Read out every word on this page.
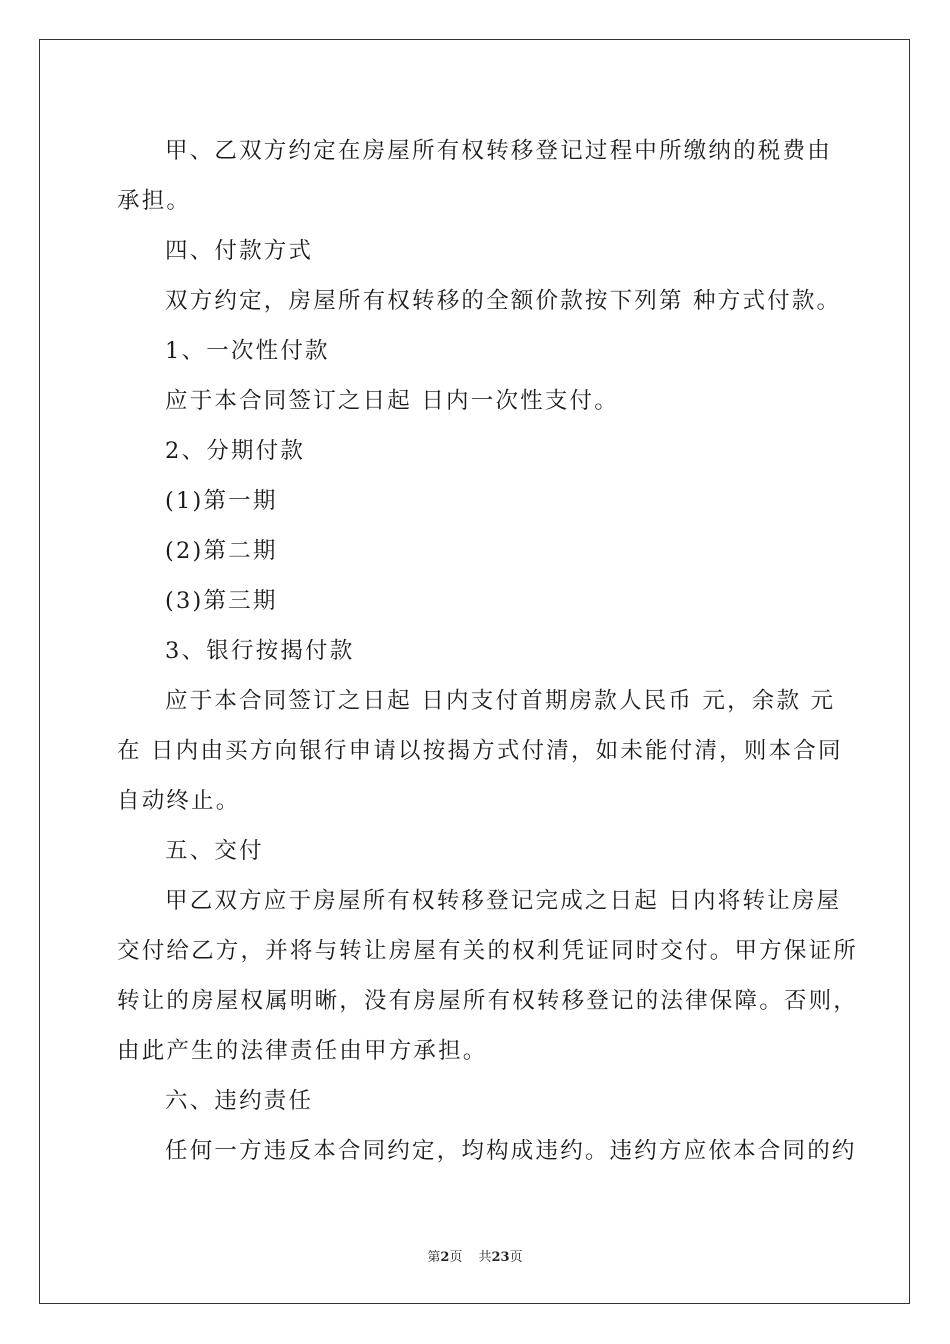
甲、乙双方约定在房屋所有权转移登记过程中所缴纳的税费由
承担。
四、付款方式
双方约定，房屋所有权转移的全额价款按下列第 种方式付款。
1、一次性付款
应于本合同签订之日起 日内一次性支付。
2、分期付款
(1)第一期
(2)第二期
(3)第三期
3、银行按揭付款
应于本合同签订之日起 日内支付首期房款人民币 元，余款 元
在 日内由买方向银行申请以按揭方式付清，如未能付清，则本合同
自动终止。
五、交付
甲乙双方应于房屋所有权转移登记完成之日起 日内将转让房屋
交付给乙方，并将与转让房屋有关的权利凭证同时交付。甲方保证所
转让的房屋权属明晰，没有房屋所有权转移登记的法律保障。否则，
由此产生的法律责任由甲方承担。
六、违约责任
任何一方违反本合同约定，均构成违约。违约方应依本合同的约
第2页 共23页
